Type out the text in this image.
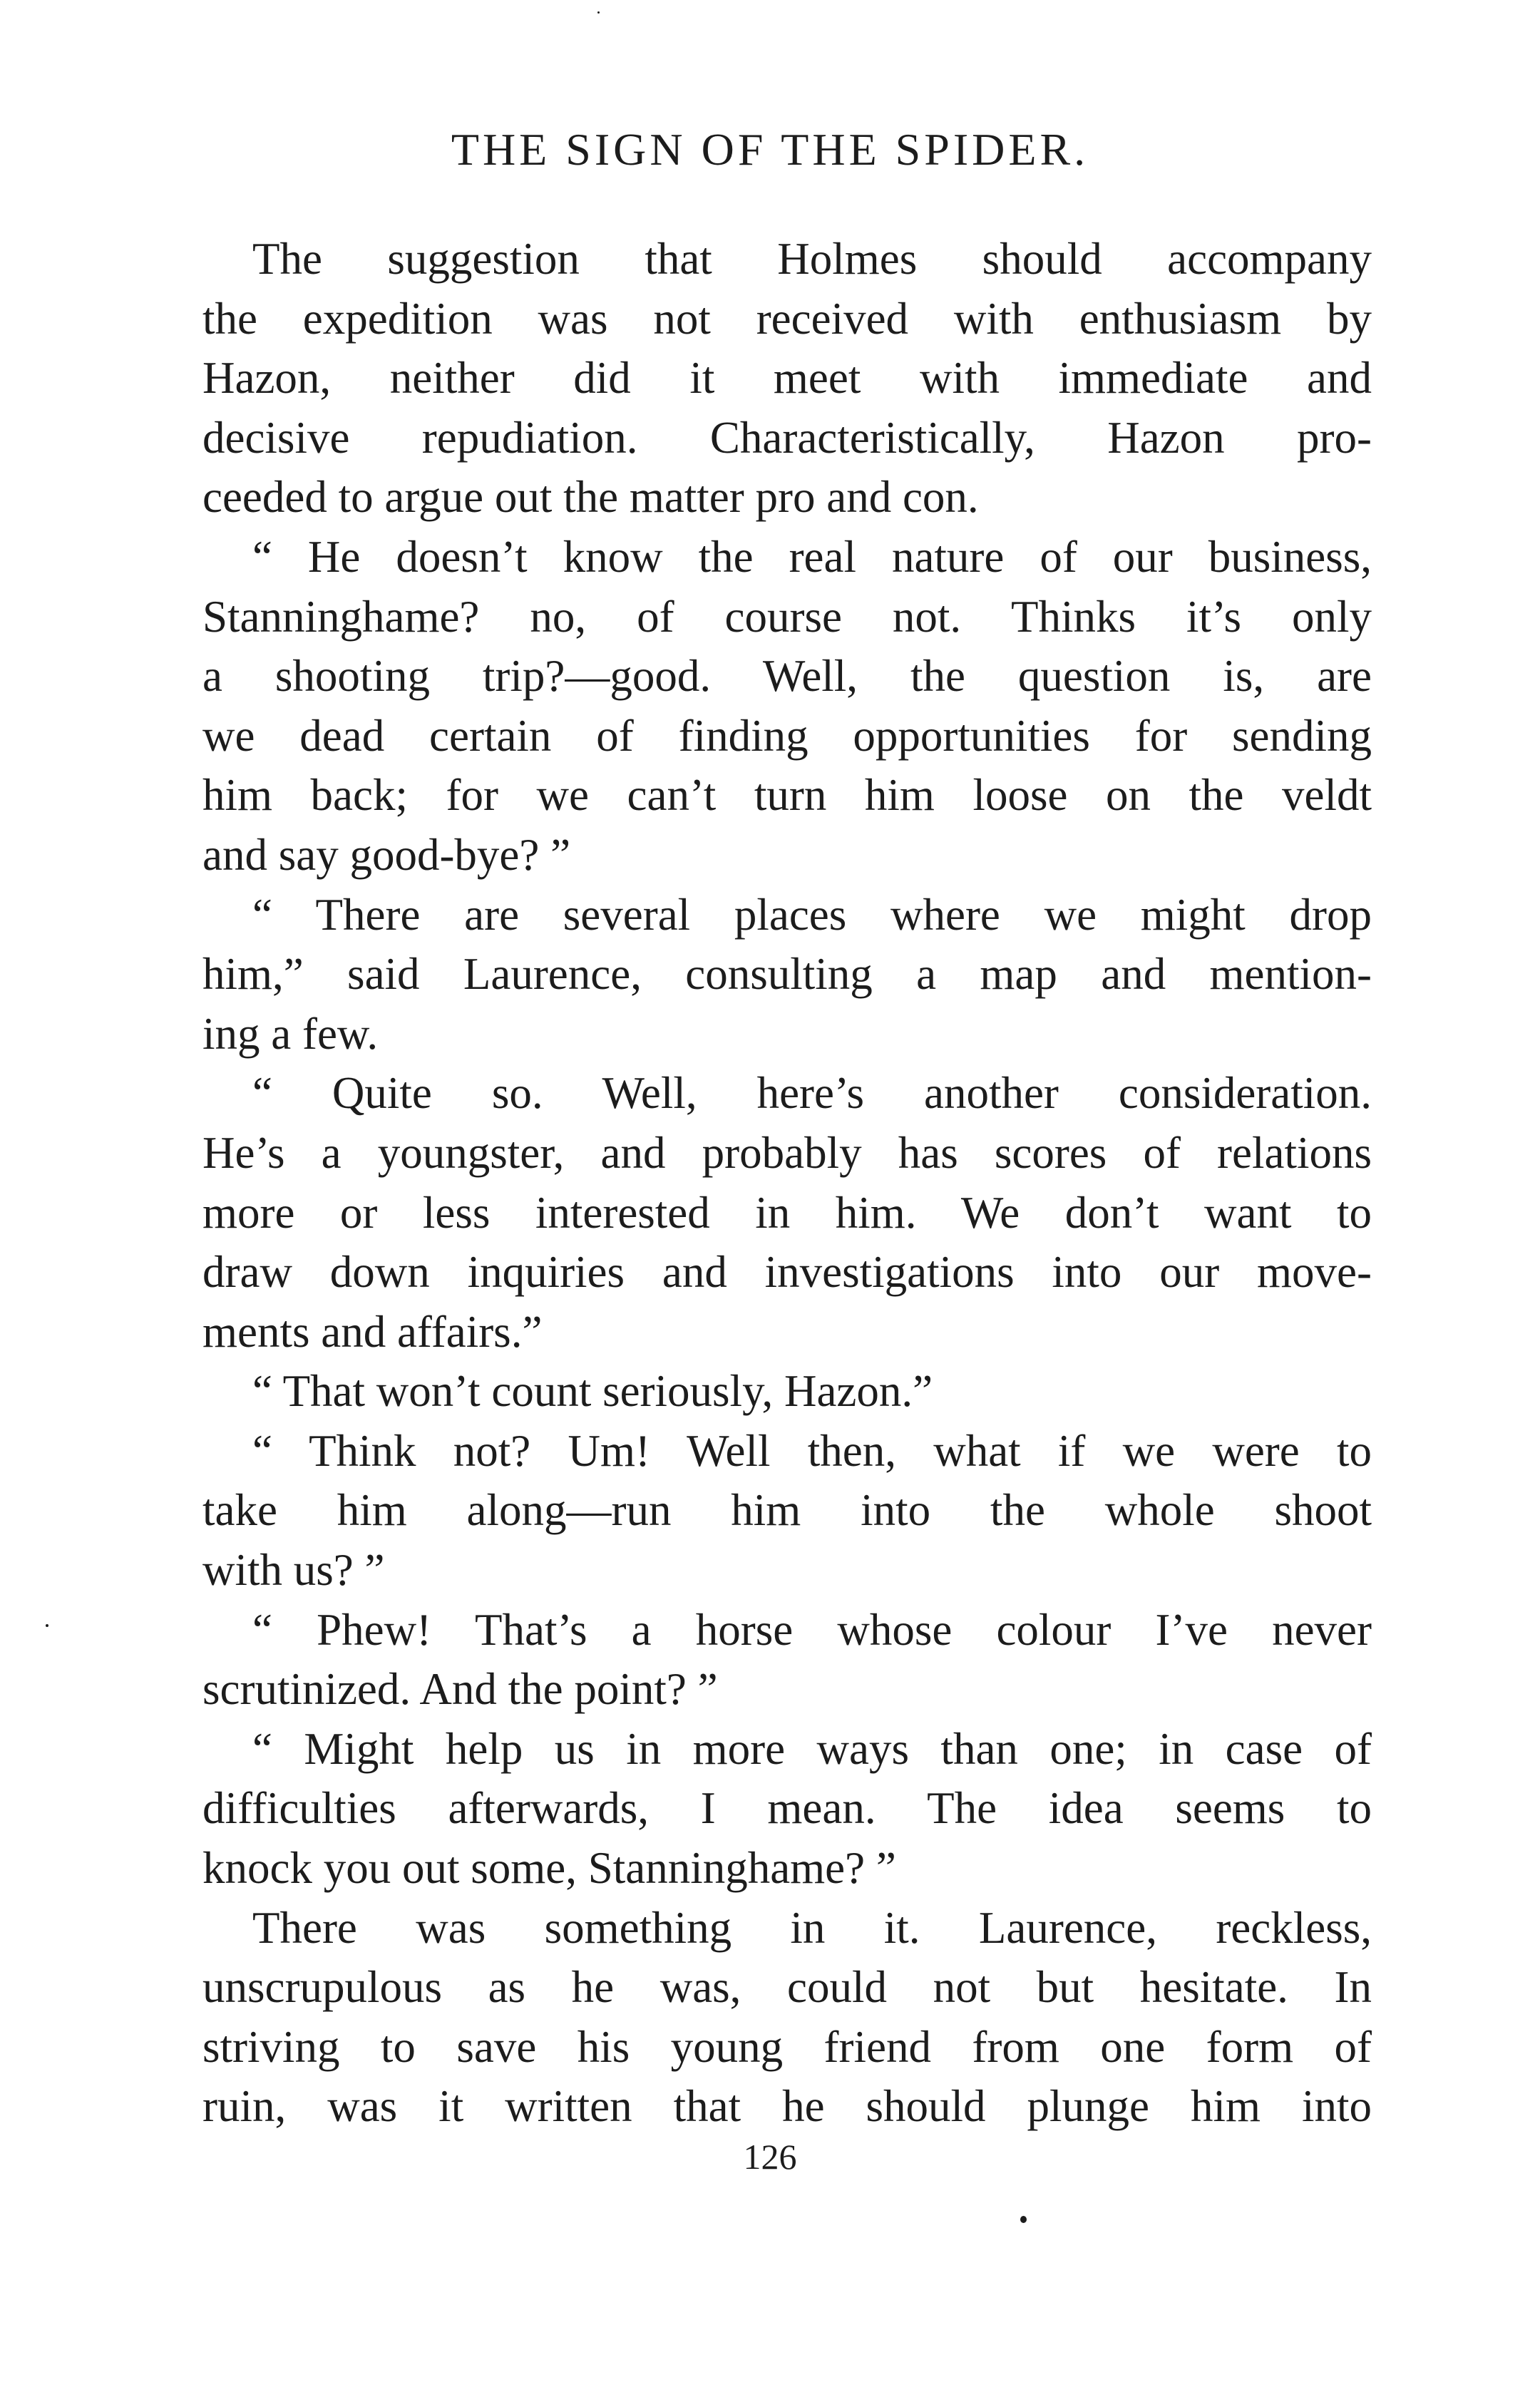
THE SIGN OF THE SPIDER.
The suggestion that Holmes should accompany
the expedition was not received with enthusiasm by
Hazon, neither did it meet with immediate and
decisive repudiation. Characteristically, Hazon pro-
ceeded to argue out the matter pro and con.
“ He doesn’t know the real nature of our business,
Stanninghame? no, of course not. Thinks it’s only
a shooting trip?—good. Well, the question is, are
we dead certain of finding opportunities for sending
him back; for we can’t turn him loose on the veldt
and say good-bye? ”
“ There are several places where we might drop
him,” said Laurence, consulting a map and mention-
ing a few.
“ Quite so. Well, here’s another consideration.
He’s a youngster, and probably has scores of relations
more or less interested in him. We don’t want to
draw down inquiries and investigations into our move-
ments and affairs.”
“ That won’t count seriously, Hazon.”
“ Think not? Um! Well then, what if we were to
take him along—run him into the whole shoot
with us? ”
“ Phew! That’s a horse whose colour I’ve never
scrutinized. And the point? ”
“ Might help us in more ways than one; in case of
difficulties afterwards, I mean. The idea seems to
knock you out some, Stanninghame? ”
There was something in it. Laurence, reckless,
unscrupulous as he was, could not but hesitate. In
striving to save his young friend from one form of
ruin, was it written that he should plunge him into
126
